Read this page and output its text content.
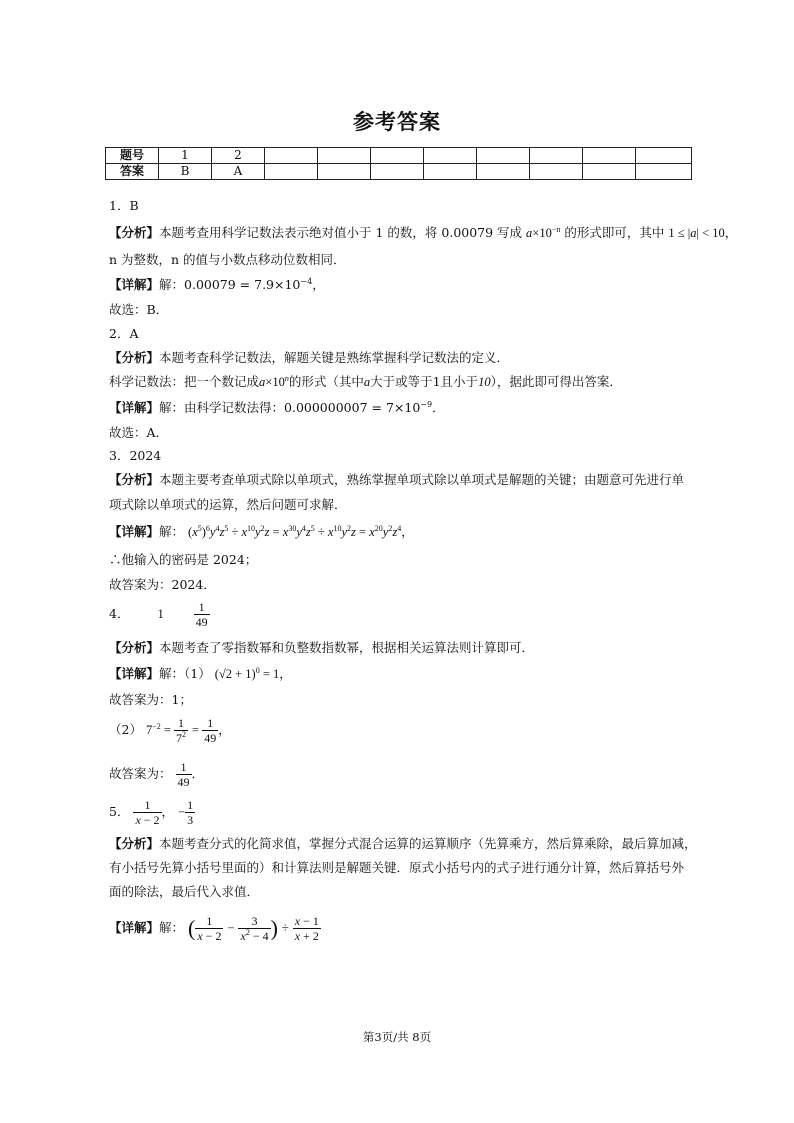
参考答案
题号	1	2								
答案	B	A								
1．B
【分析】本题考查用科学记数法表示绝对值小于 1 的数，将 0.00079 写成 $a\times 10^{-n}$ 的形式即可，其中 1 ≤ |a| < 10，
n 为整数，n 的值与小数点移动位数相同．
【详解】解：$0.00079 = 7.9\times 10^{-4}$，
故选：B．
2．A
【分析】本题考查科学记数法，解题关键是熟练掌握科学记数法的定义．
科学记数法：把一个数记成$a\times 10^n$的形式（其中a大于或等于1且小于10），据此即可得出答案．
【详解】解：由科学记数法得：$0.000000007 = 7\times 10^{-9}$．
故选：A．
3．2024
【分析】本题主要考查单项式除以单项式，熟练掌握单项式除以单项式是解题的关键；由题意可先进行单
项式除以单项式的运算，然后问题可求解．
【详解】解： $(x^5)^6y^4z^5 \div x^{10}y^2z = x^{30}y^4z^5 \div x^{10}y^2z = x^{20}y^2z^4$，
∴他输入的密码是 2024；
故答案为：2024．
4． $1 \frac{1}{49}$
【分析】本题考查了零指数幂和负整数指数幂，根据相关运算法则计算即可．
【详解】解：（1） $(√2 + 1)^0 = 1$，
故答案为：1；
（2） $7^{-2} = \frac{1}{7^2} = \frac{1}{49}$ ，
故答案为： $\frac{1}{49}$ ．
5． $\frac{1}{x - 2}$ ， − $\frac{1}{3}$
【分析】本题考查分式的化简求值，掌握分式混合运算的运算顺序（先算乘方，然后算乘除，最后算加减，
有小括号先算小括号里面的）和计算法则是解题关键．原式小括号内的式子进行通分计算，然后算括号外
面的除法，最后代入求值．
【详解】解： ( $\frac{1}{x - 2} - \frac{3}{x^2 - 4}$ ) ÷ $\frac{x - 1}{x + 2}$
第3页/共 8页
